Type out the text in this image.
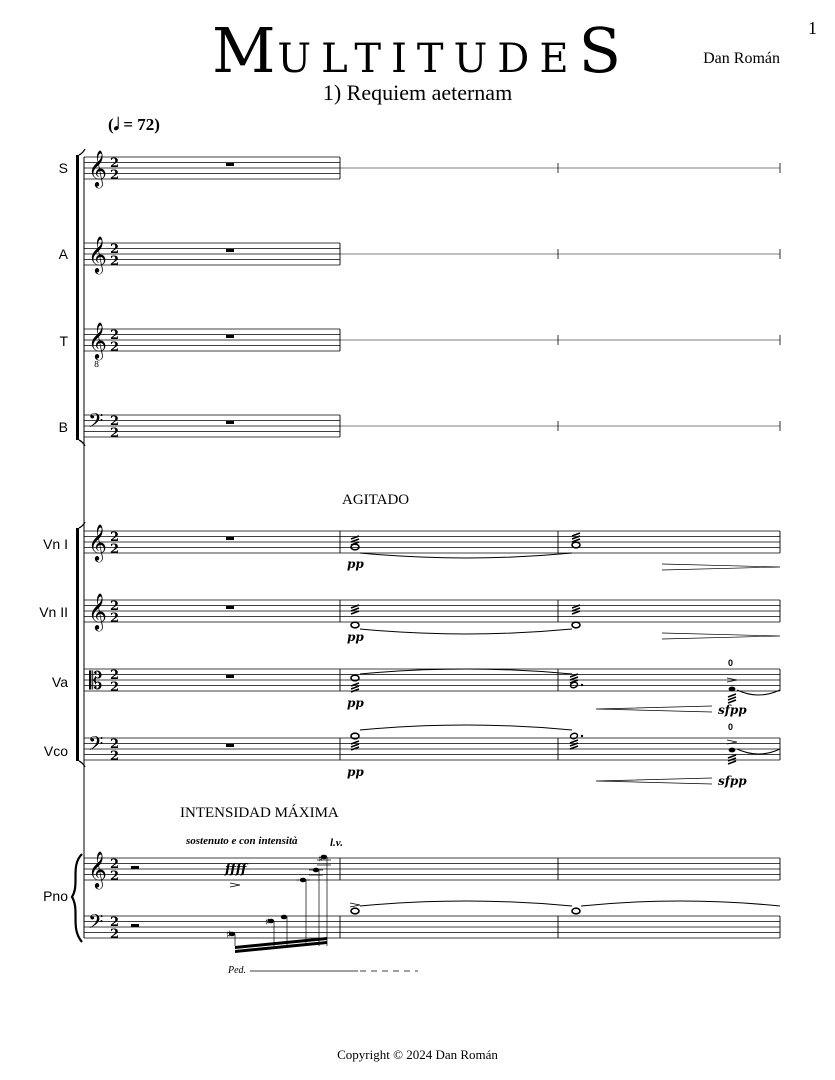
𝄞 2
2
𝄞 2
2
𝄞
8
2
2
𝄢 2
2
𝄞 2
2
𝄞 2
2
𝄡 2
2
𝄢 2
2
𝄞 2
2
𝄢 2
2	♯
♯
♯
1
MULTITUDES	Dan Román
1) Requiem aeternam
(𝅗𝅥 = 72)
S
A
T
B
Vn I
Vn II
Va
Vco
Pno
AGITADO
INTENSIDAD MÁXIMA
sostenuto e con intensità	l.v.
pp
pp
pp
pp
sfpp
sfpp
ffff
Ped.
0
0
Copyright © 2024 Dan Román
